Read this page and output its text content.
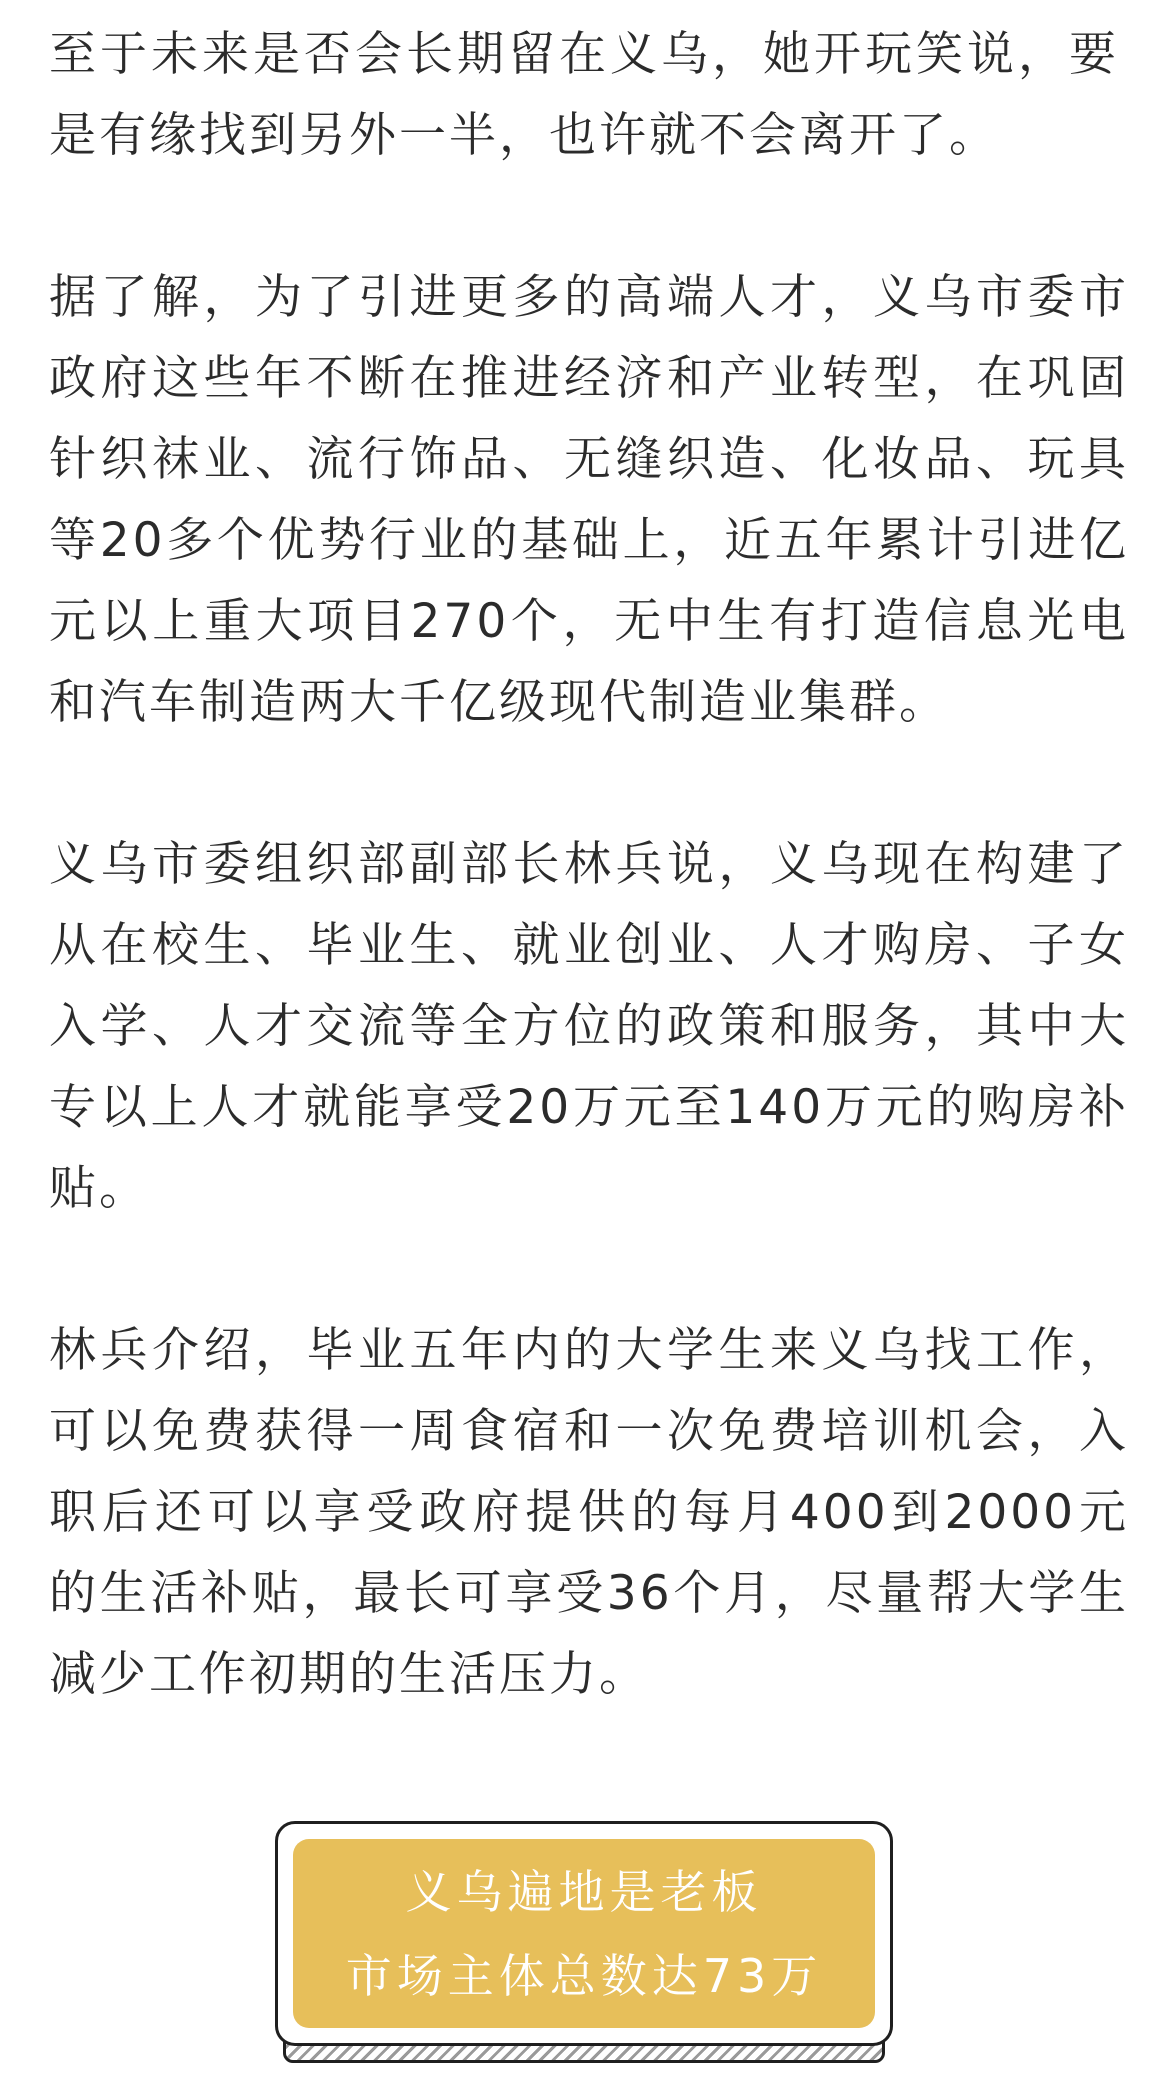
至于未来是否会长期留在义乌，她开玩笑说，要是有缘找到另外一半，也许就不会离开了。

据了解，为了引进更多的高端人才，义乌市委市政府这些年不断在推进经济和产业转型，在巩固针织袜业、流行饰品、无缝织造、化妆品、玩具等20多个优势行业的基础上，近五年累计引进亿元以上重大项目270个，无中生有打造信息光电和汽车制造两大千亿级现代制造业集群。

义乌市委组织部副部长林兵说，义乌现在构建了从在校生、毕业生、就业创业、人才购房、子女入学、人才交流等全方位的政策和服务，其中大专以上人才就能享受20万元至140万元的购房补贴。

林兵介绍，毕业五年内的大学生来义乌找工作，可以免费获得一周食宿和一次免费培训机会，入职后还可以享受政府提供的每月400到2000元的生活补贴，最长可享受36个月，尽量帮大学生减少工作初期的生活压力。

义乌遍地是老板
市场主体总数达73万
